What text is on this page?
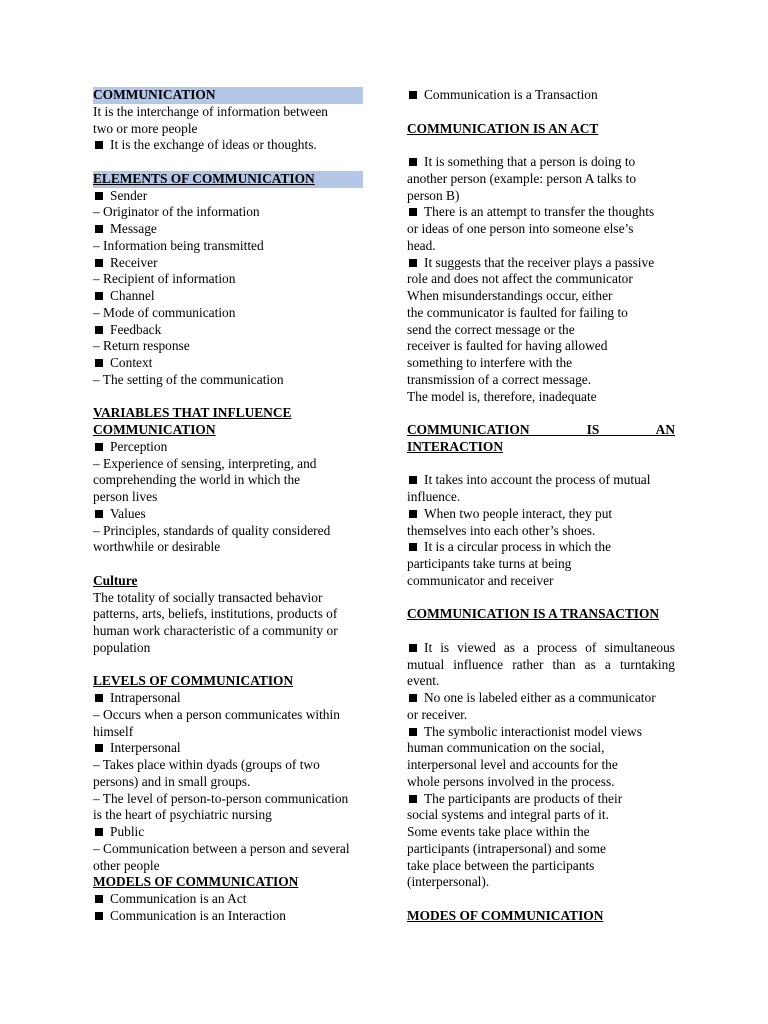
COMMUNICATION
It is the interchange of information between
two or more people
It is the exchange of ideas or thoughts.
ELEMENTS OF COMMUNICATION
Sender
– Originator of the information
Message
– Information being transmitted
Receiver
– Recipient of information
Channel
– Mode of communication
Feedback
– Return response
Context
– The setting of the communication
VARIABLES THAT INFLUENCE
COMMUNICATION
Perception
– Experience of sensing, interpreting, and
comprehending the world in which the
person lives
Values
– Principles, standards of quality considered
worthwhile or desirable
Culture
The totality of socially transacted behavior
patterns, arts, beliefs, institutions, products of
human work characteristic of a community or
population
LEVELS OF COMMUNICATION
Intrapersonal
– Occurs when a person communicates within
himself
Interpersonal
– Takes place within dyads (groups of two
persons) and in small groups.
– The level of person-to-person communication
is the heart of psychiatric nursing
Public
– Communication between a person and several
other people
MODELS OF COMMUNICATION
Communication is an Act
Communication is an Interaction
Communication is a Transaction
COMMUNICATION IS AN ACT
It is something that a person is doing to
another person (example: person A talks to
person B)
There is an attempt to transfer the thoughts
or ideas of one person into someone else’s
head.
It suggests that the receiver plays a passive
role and does not affect the communicator
When misunderstandings occur, either
the communicator is faulted for failing to
send the correct message or the
receiver is faulted for having allowed
something to interfere with the
transmission of a correct message.
The model is, therefore, inadequate
COMMUNICATION IS AN
INTERACTION
It takes into account the process of mutual
influence.
When two people interact, they put
themselves into each other’s shoes.
It is a circular process in which the
participants take turns at being
communicator and receiver
COMMUNICATION IS A TRANSACTION
It is viewed as a process of simultaneous
mutual influence rather than as a turntaking
event.
No one is labeled either as a communicator
or receiver.
The symbolic interactionist model views
human communication on the social,
interpersonal level and accounts for the
whole persons involved in the process.
The participants are products of their
social systems and integral parts of it.
Some events take place within the
participants (intrapersonal) and some
take place between the participants
(interpersonal).
MODES OF COMMUNICATION
